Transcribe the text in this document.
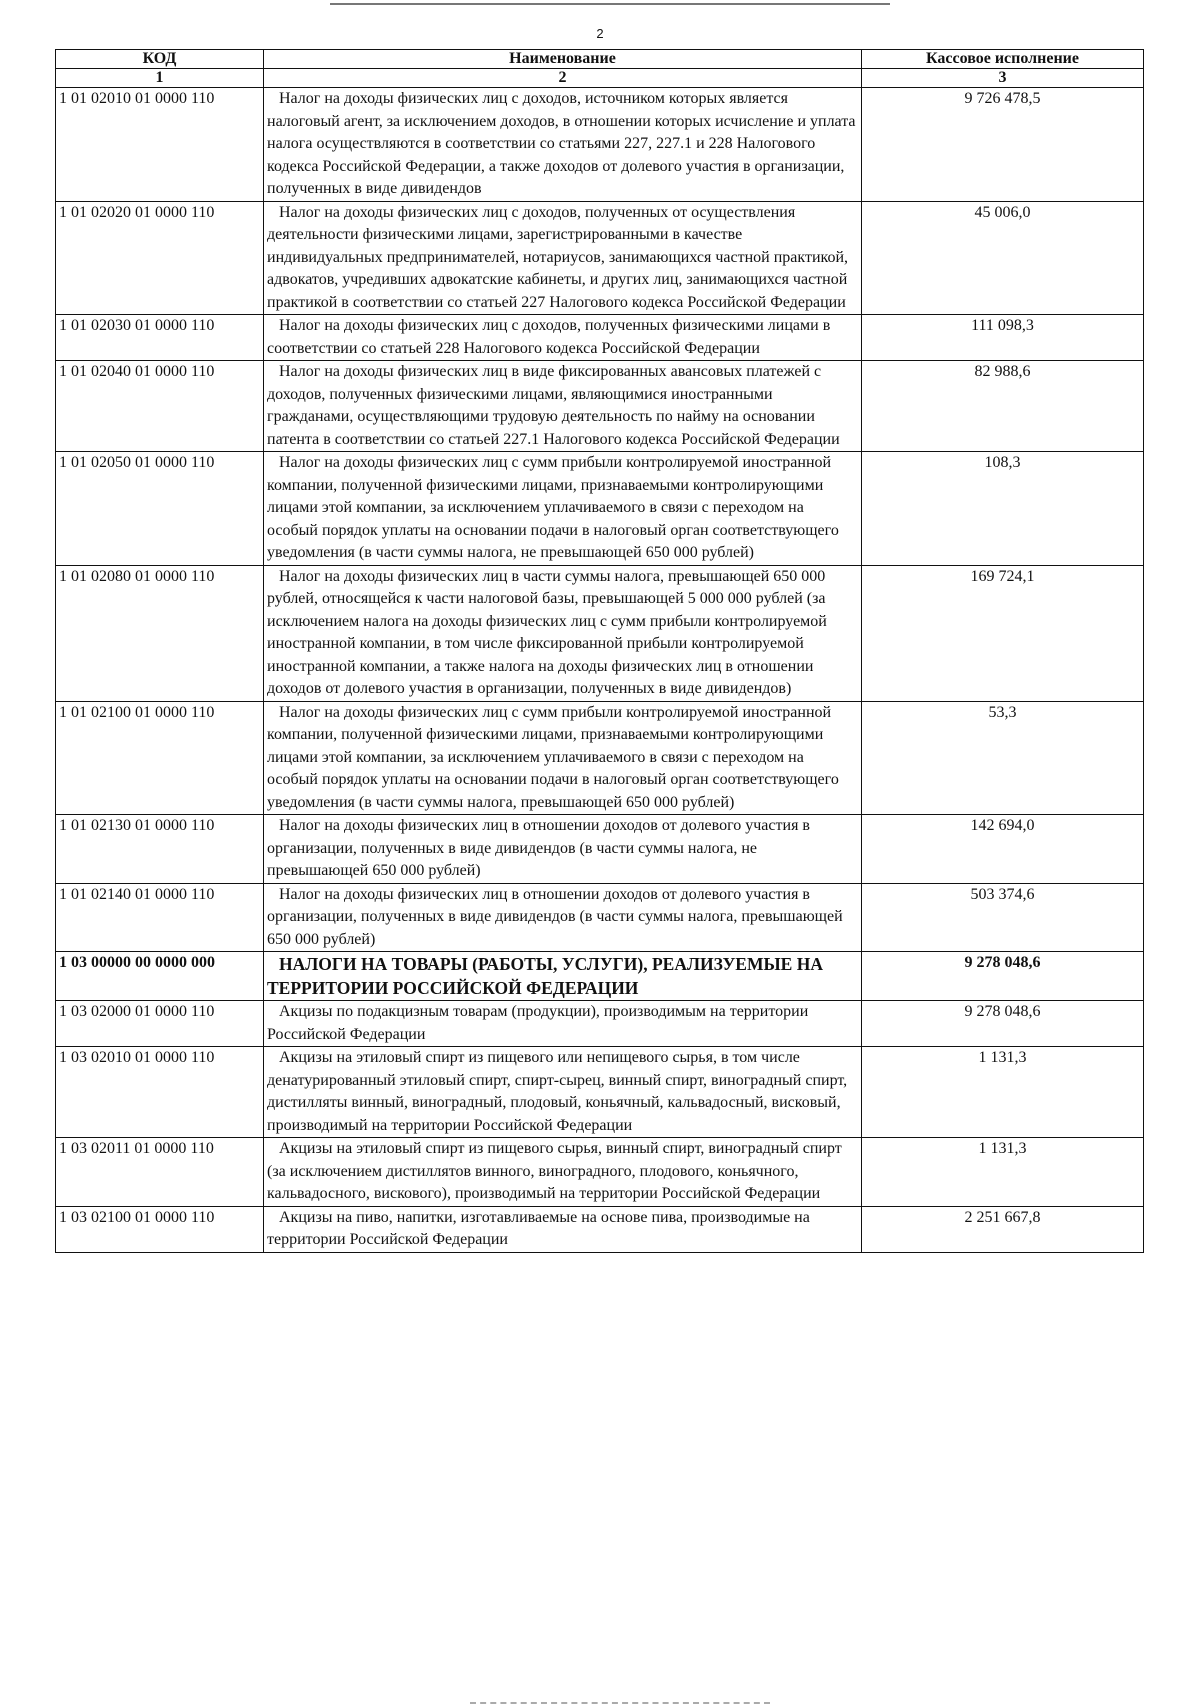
2
КОД	Наименование	Кассовое исполнение
1	2	3
1 01 02010 01 0000 110	Налог на доходы физических лиц с доходов, источником которых является налоговый агент, за исключением доходов, в отношении которых исчисление и уплата налога осуществляются в соответствии со статьями 227, 227.1 и 228 Налогового кодекса Российской Федерации, а также доходов от долевого участия в организации, полученных в виде дивидендов	9 726 478,5
1 01 02020 01 0000 110	Налог на доходы физических лиц с доходов, полученных от осуществления деятельности физическими лицами, зарегистрированными в качестве индивидуальных предпринимателей, нотариусов, занимающихся частной практикой, адвокатов, учредивших адвокатские кабинеты, и других лиц, занимающихся частной практикой в соответствии со статьей 227 Налогового кодекса Российской Федерации	45 006,0
1 01 02030 01 0000 110	Налог на доходы физических лиц с доходов, полученных физическими лицами в соответствии со статьей 228 Налогового кодекса Российской Федерации	111 098,3
1 01 02040 01 0000 110	Налог на доходы физических лиц в виде фиксированных авансовых платежей с доходов, полученных физическими лицами, являющимися иностранными гражданами, осуществляющими трудовую деятельность по найму на основании патента в соответствии со статьей 227.1 Налогового кодекса Российской Федерации	82 988,6
1 01 02050 01 0000 110	Налог на доходы физических лиц с сумм прибыли контролируемой иностранной компании, полученной физическими лицами, признаваемыми контролирующими лицами этой компании, за исключением уплачиваемого в связи с переходом на особый порядок уплаты на основании подачи в налоговый орган соответствующего уведомления (в части суммы налога, не превышающей 650 000 рублей)	108,3
1 01 02080 01 0000 110	Налог на доходы физических лиц в части суммы налога, превышающей 650 000 рублей, относящейся к части налоговой базы, превышающей 5 000 000 рублей (за исключением налога на доходы физических лиц с сумм прибыли контролируемой иностранной компании, в том числе фиксированной прибыли контролируемой иностранной компании, а также налога на доходы физических лиц в отношении доходов от долевого участия в организации, полученных в виде дивидендов)	169 724,1
1 01 02100 01 0000 110	Налог на доходы физических лиц с сумм прибыли контролируемой иностранной компании, полученной физическими лицами, признаваемыми контролирующими лицами этой компании, за исключением уплачиваемого в связи с переходом на особый порядок уплаты на основании подачи в налоговый орган соответствующего уведомления (в части суммы налога, превышающей 650 000 рублей)	53,3
1 01 02130 01 0000 110	Налог на доходы физических лиц в отношении доходов от долевого участия в организации, полученных в виде дивидендов (в части суммы налога, не превышающей 650 000 рублей)	142 694,0
1 01 02140 01 0000 110	Налог на доходы физических лиц в отношении доходов от долевого участия в организации, полученных в виде дивидендов (в части суммы налога, превышающей 650 000 рублей)	503 374,6
1 03 00000 00 0000 000	НАЛОГИ НА ТОВАРЫ (РАБОТЫ, УСЛУГИ), РЕАЛИЗУЕМЫЕ НА ТЕРРИТОРИИ РОССИЙСКОЙ ФЕДЕРАЦИИ	9 278 048,6
1 03 02000 01 0000 110	Акцизы по подакцизным товарам (продукции), производимым на территории Российской Федерации	9 278 048,6
1 03 02010 01 0000 110	Акцизы на этиловый спирт из пищевого или непищевого сырья, в том числе денатурированный этиловый спирт, спирт-сырец, винный спирт, виноградный спирт, дистилляты винный, виноградный, плодовый, коньячный, кальвадосный, висковый, производимый на территории Российской Федерации	1 131,3
1 03 02011 01 0000 110	Акцизы на этиловый спирт из пищевого сырья, винный спирт, виноградный спирт (за исключением дистиллятов винного, виноградного, плодового, коньячного, кальвадосного, вискового), производимый на территории Российской Федерации	1 131,3
1 03 02100 01 0000 110	Акцизы на пиво, напитки, изготавливаемые на основе пива, производимые на территории Российской Федерации	2 251 667,8
